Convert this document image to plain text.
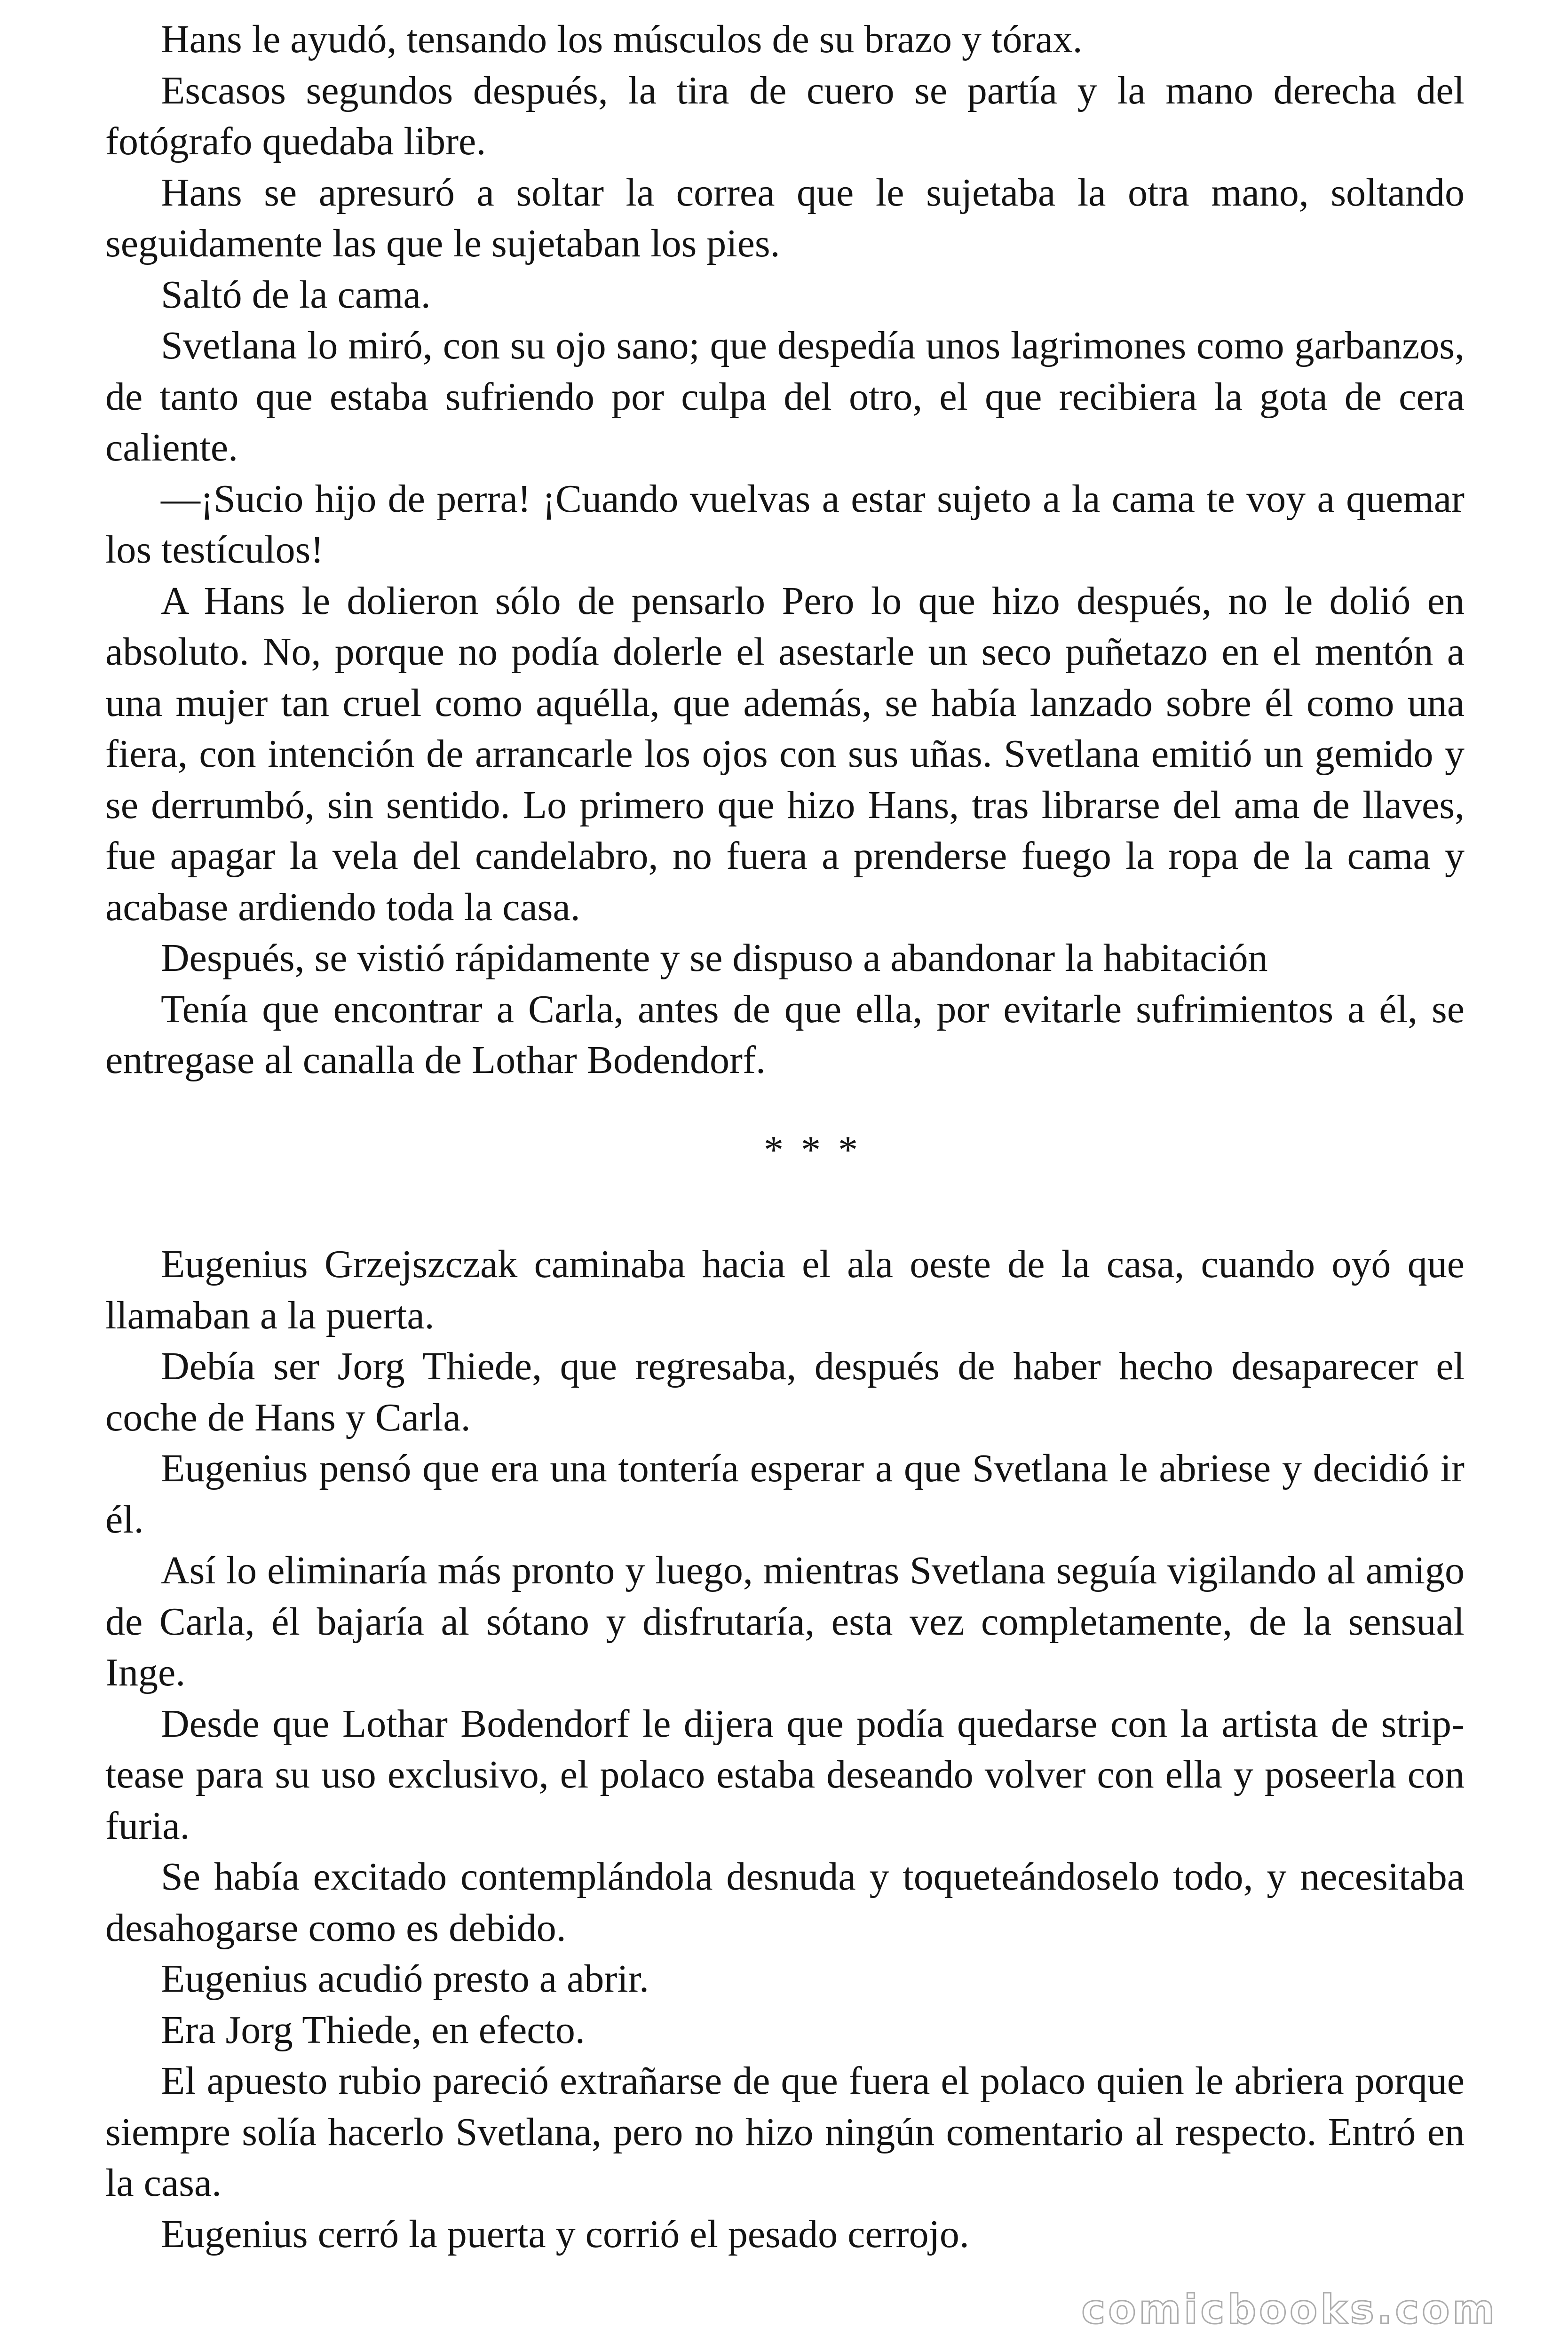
Hans le ayudó, tensando los músculos de su brazo y tórax.

Escasos segundos después, la tira de cuero se partía y la mano derecha del fotógrafo quedaba libre.

Hans se apresuró a soltar la correa que le sujetaba la otra mano, soltando seguidamente las que le sujetaban los pies.

Saltó de la cama.

Svetlana lo miró, con su ojo sano; que despedía unos lagrimones como garbanzos, de tanto que estaba sufriendo por culpa del otro, el que recibiera la gota de cera caliente.

—¡Sucio hijo de perra! ¡Cuando vuelvas a estar sujeto a la cama te voy a quemar los testículos!

A Hans le dolieron sólo de pensarlo Pero lo que hizo después, no le dolió en absoluto. No, porque no podía dolerle el asestarle un seco puñetazo en el mentón a una mujer tan cruel como aquélla, que además, se había lanzado sobre él como una fiera, con intención de arrancarle los ojos con sus uñas. Svetlana emitió un gemido y se derrumbó, sin sentido. Lo primero que hizo Hans, tras librarse del ama de llaves, fue apagar la vela del candelabro, no fuera a prenderse fuego la ropa de la cama y acabase ardiendo toda la casa.

Después, se vistió rápidamente y se dispuso a abandonar la habitación

Tenía que encontrar a Carla, antes de que ella, por evitarle sufrimientos a él, se entregase al canalla de Lothar Bodendorf.

* * *

Eugenius Grzejszczak caminaba hacia el ala oeste de la casa, cuando oyó que llamaban a la puerta.

Debía ser Jorg Thiede, que regresaba, después de haber hecho desaparecer el coche de Hans y Carla.

Eugenius pensó que era una tontería esperar a que Svetlana le abriese y decidió ir él.

Así lo eliminaría más pronto y luego, mientras Svetlana seguía vigilando al amigo de Carla, él bajaría al sótano y disfrutaría, esta vez completamente, de la sensual Inge.

Desde que Lothar Bodendorf le dijera que podía quedarse con la artista de strip-tease para su uso exclusivo, el polaco estaba deseando volver con ella y poseerla con furia.

Se había excitado contemplándola desnuda y toqueteándoselo todo, y necesitaba desahogarse como es debido.

Eugenius acudió presto a abrir.

Era Jorg Thiede, en efecto.

El apuesto rubio pareció extrañarse de que fuera el polaco quien le abriera porque siempre solía hacerlo Svetlana, pero no hizo ningún comentario al respecto. Entró en la casa.

Eugenius cerró la puerta y corrió el pesado cerrojo.

comicbooks.com
